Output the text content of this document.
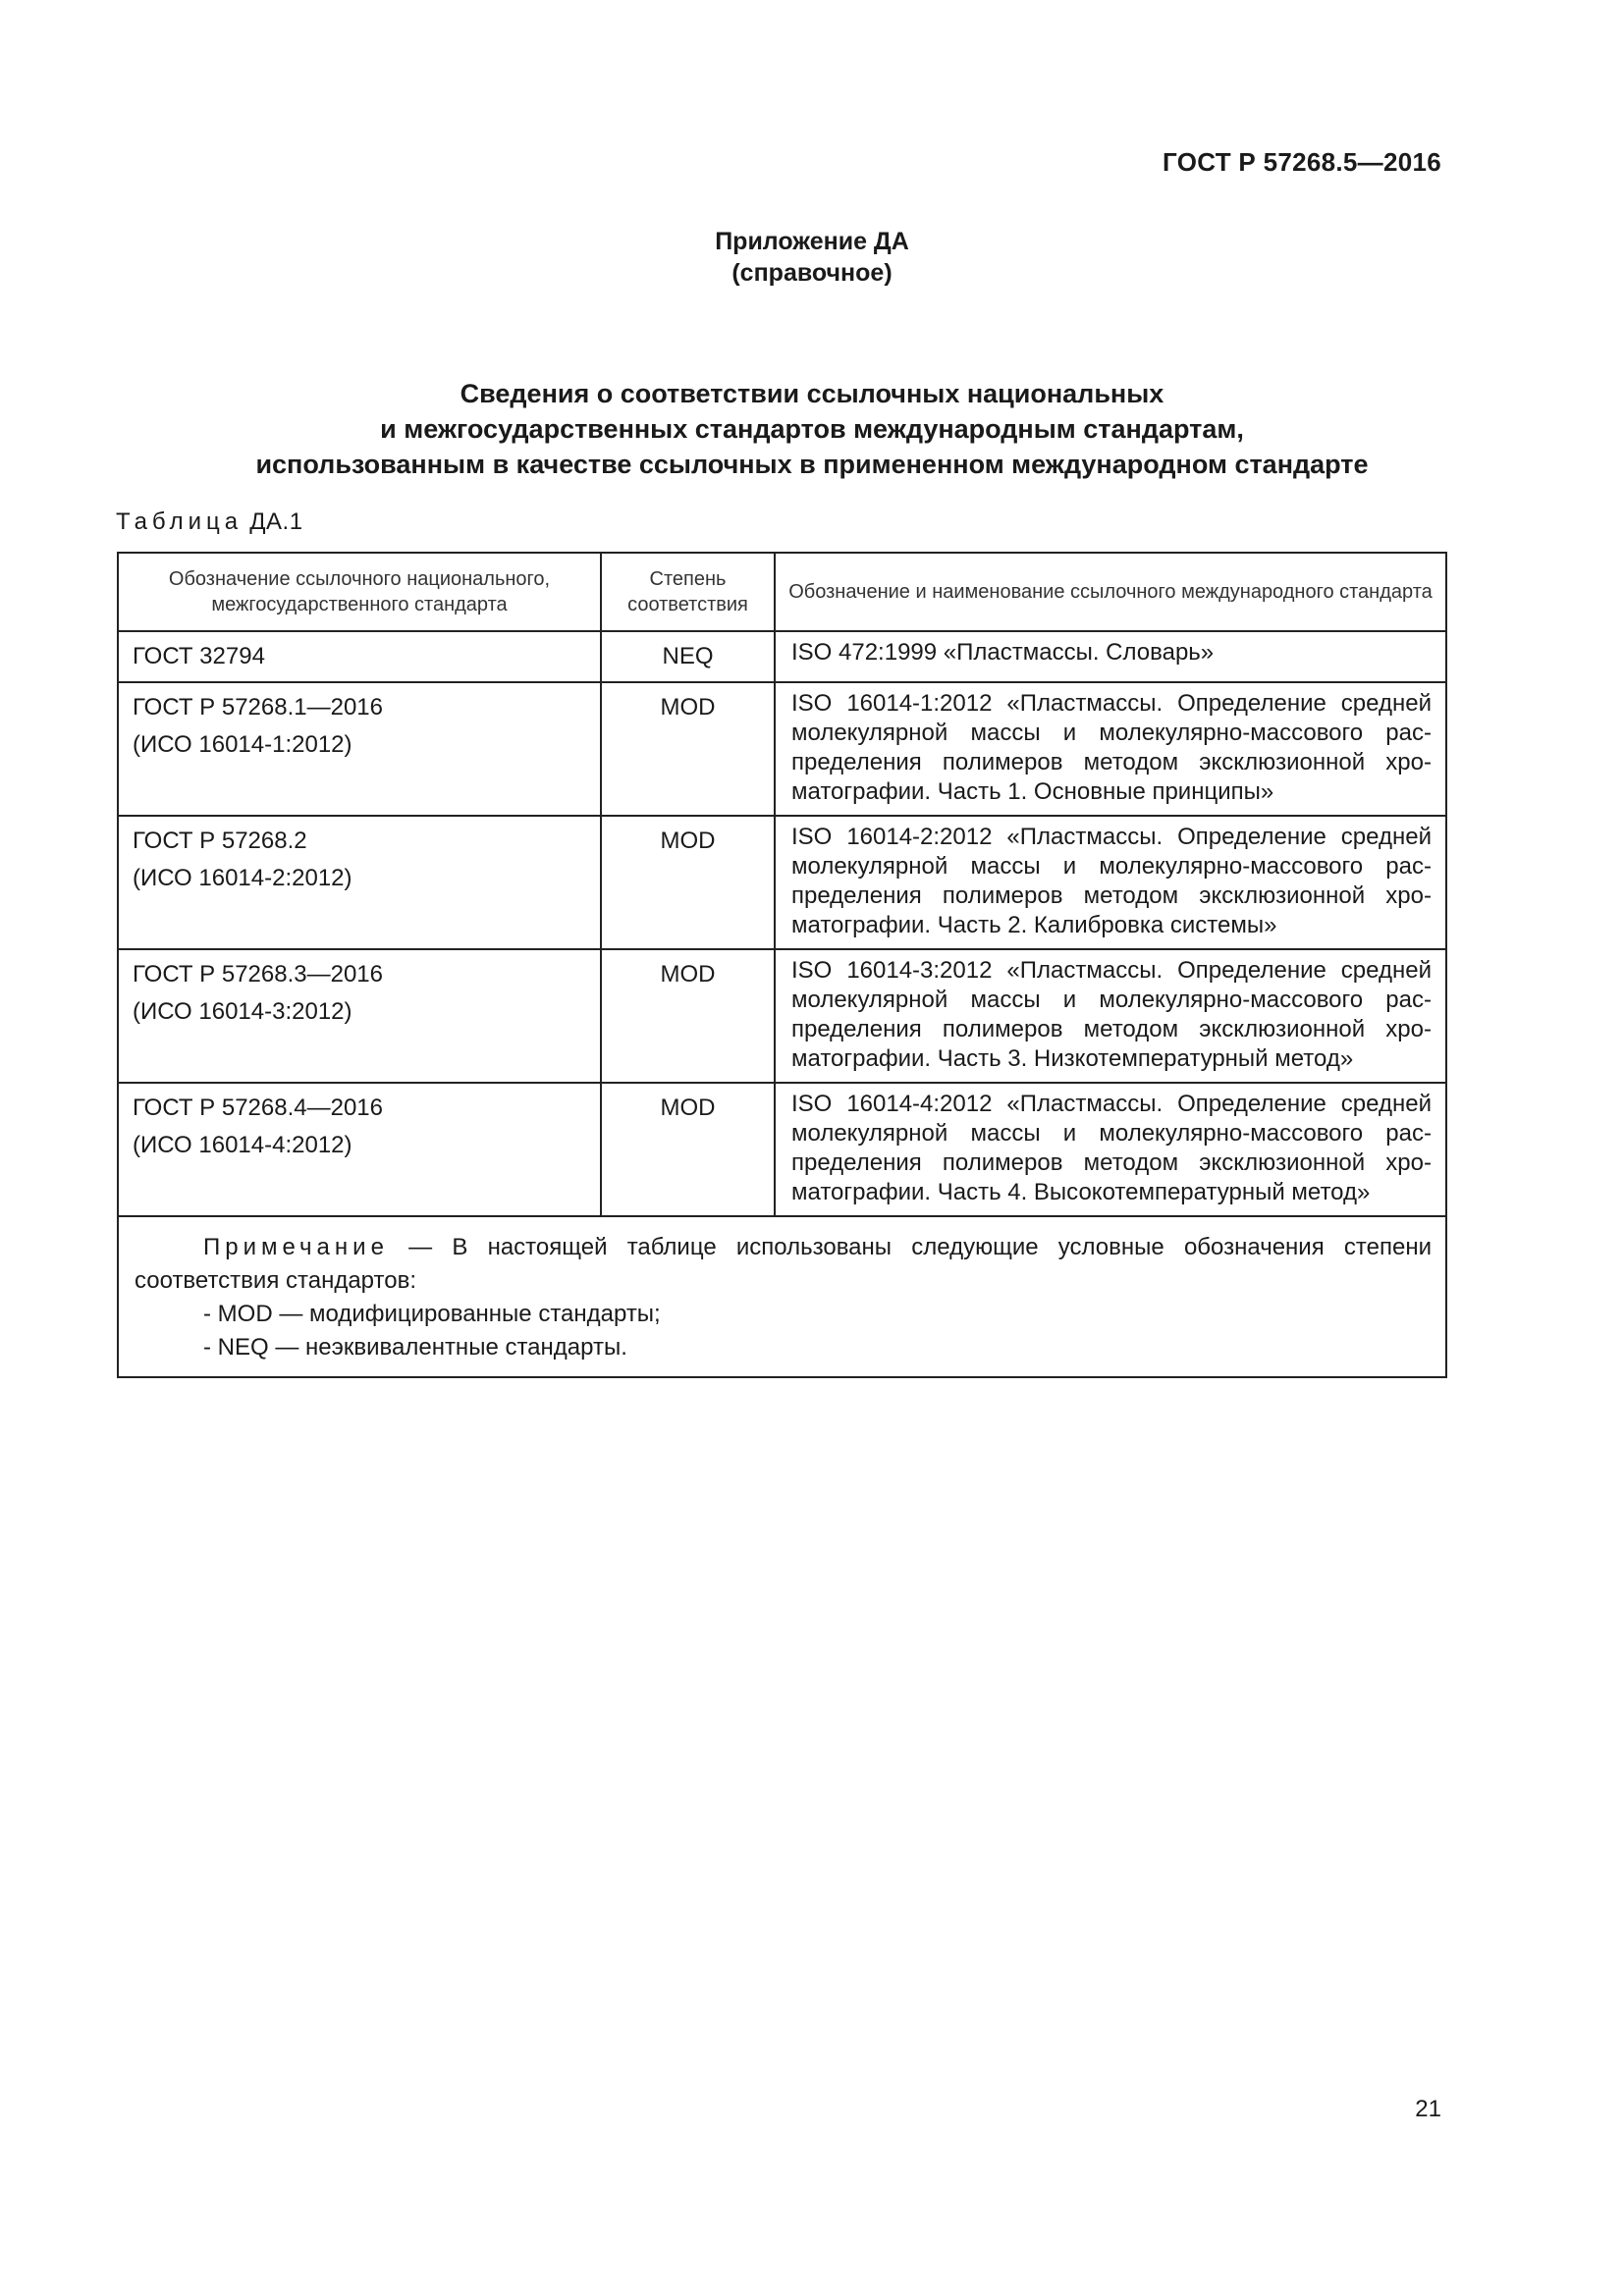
ГОСТ Р 57268.5—2016
Приложение ДА
(справочное)
Сведения о соответствии ссылочных национальных
и межгосударственных стандартов международным стандартам,
использованным в качестве ссылочных в примененном международном стандарте
Таблица ДА.1
Обозначение ссылочного национального, межгосударственного стандарта	Степень соответствия	Обозначение и наименование ссылочного международного стандарта

ГОСТ 32794	NEQ	ISO 472:1999 «Пластмассы. Словарь»

ГОСТ Р 57268.1—2016
(ИСО 16014-1:2012)	MOD	ISO 16014-1:2012 «Пластмассы. Определение средней молекулярной массы и молекулярно-массового распределения полимеров методом эксклюзионной хроматографии. Часть 1. Основные принципы»

ГОСТ Р 57268.2
(ИСО 16014-2:2012)	MOD	ISO 16014-2:2012 «Пластмассы. Определение средней молекулярной массы и молекулярно-массового распределения полимеров методом эксклюзионной хроматографии. Часть 2. Калибровка системы»

ГОСТ Р 57268.3—2016
(ИСО 16014-3:2012)	MOD	ISO 16014-3:2012 «Пластмассы. Определение средней молекулярной массы и молекулярно-массового распределения полимеров методом эксклюзионной хроматографии. Часть 3. Низкотемпературный метод»

ГОСТ Р 57268.4—2016
(ИСО 16014-4:2012)	MOD	ISO 16014-4:2012 «Пластмассы. Определение средней молекулярной массы и молекулярно-массового распределения полимеров методом эксклюзионной хроматографии. Часть 4. Высокотемпературный метод»

Примечание — В настоящей таблице использованы следующие условные обозначения степени соответствия стандартов:
- MOD — модифицированные стандарты;
- NEQ — неэквивалентные стандарты.		
21
